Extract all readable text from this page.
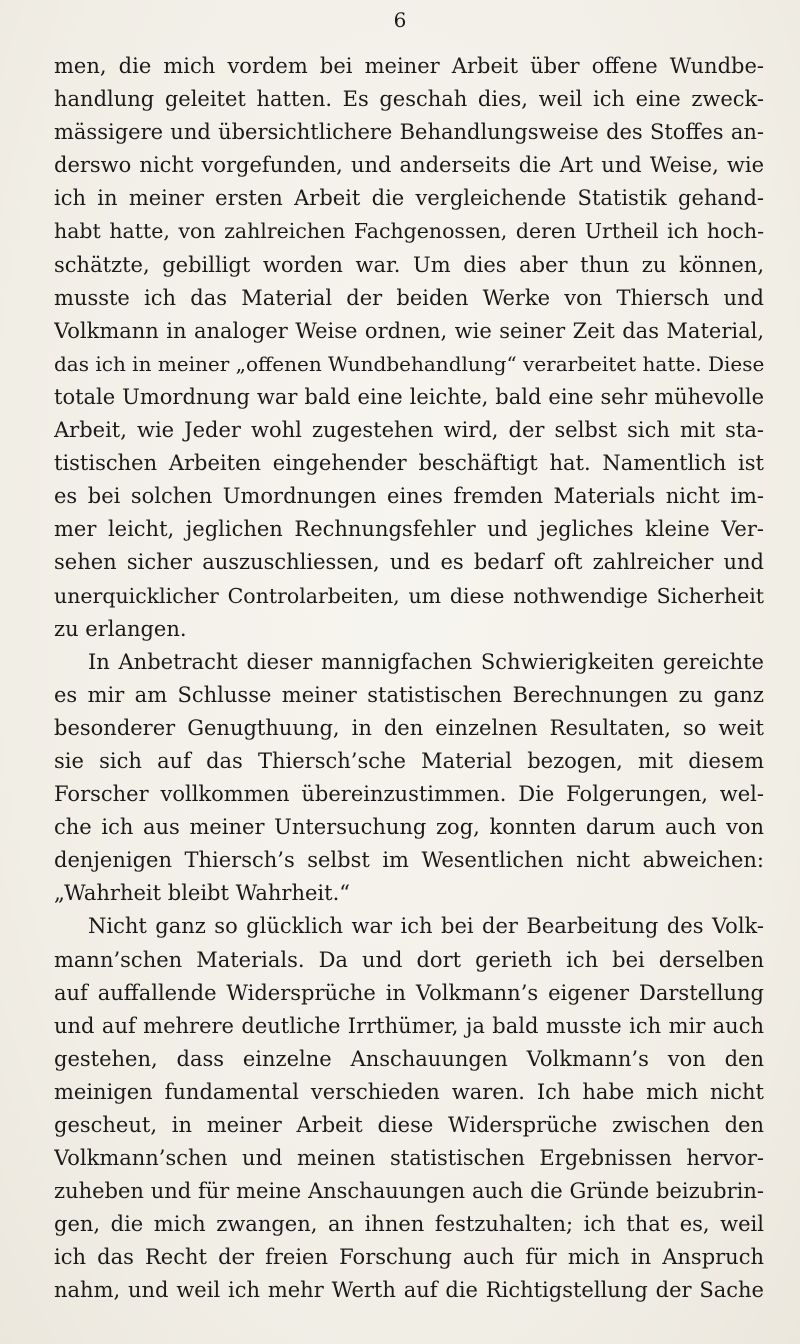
6
men, die mich vordem bei meiner Arbeit über offene Wundbe-
handlung geleitet hatten. Es geschah dies, weil ich eine zweck-
mässigere und übersichtlichere Behandlungsweise des Stoffes an-
derswo nicht vorgefunden, und anderseits die Art und Weise, wie
ich in meiner ersten Arbeit die vergleichende Statistik gehand-
habt hatte, von zahlreichen Fachgenossen, deren Urtheil ich hoch-
schätzte, gebilligt worden war. Um dies aber thun zu können,
musste ich das Material der beiden Werke von Thiersch und
Volkmann in analoger Weise ordnen, wie seiner Zeit das Material,
das ich in meiner „offenen Wundbehandlung“ verarbeitet hatte. Diese
totale Umordnung war bald eine leichte, bald eine sehr mühevolle
Arbeit, wie Jeder wohl zugestehen wird, der selbst sich mit sta-
tistischen Arbeiten eingehender beschäftigt hat. Namentlich ist
es bei solchen Umordnungen eines fremden Materials nicht im-
mer leicht, jeglichen Rechnungsfehler und jegliches kleine Ver-
sehen sicher auszuschliessen, und es bedarf oft zahlreicher und
unerquicklicher Controlarbeiten, um diese nothwendige Sicherheit
zu erlangen.
In Anbetracht dieser mannigfachen Schwierigkeiten gereichte
es mir am Schlusse meiner statistischen Berechnungen zu ganz
besonderer Genugthuung, in den einzelnen Resultaten, so weit
sie sich auf das Thiersch’sche Material bezogen, mit diesem
Forscher vollkommen übereinzustimmen. Die Folgerungen, wel-
che ich aus meiner Untersuchung zog, konnten darum auch von
denjenigen Thiersch’s selbst im Wesentlichen nicht abweichen:
„Wahrheit bleibt Wahrheit.“
Nicht ganz so glücklich war ich bei der Bearbeitung des Volk-
mann’schen Materials. Da und dort gerieth ich bei derselben
auf auffallende Widersprüche in Volkmann’s eigener Darstellung
und auf mehrere deutliche Irrthümer, ja bald musste ich mir auch
gestehen, dass einzelne Anschauungen Volkmann’s von den
meinigen fundamental verschieden waren. Ich habe mich nicht
gescheut, in meiner Arbeit diese Widersprüche zwischen den
Volkmann’schen und meinen statistischen Ergebnissen hervor-
zuheben und für meine Anschauungen auch die Gründe beizubrin-
gen, die mich zwangen, an ihnen festzuhalten; ich that es, weil
ich das Recht der freien Forschung auch für mich in Anspruch
nahm, und weil ich mehr Werth auf die Richtigstellung der Sache
